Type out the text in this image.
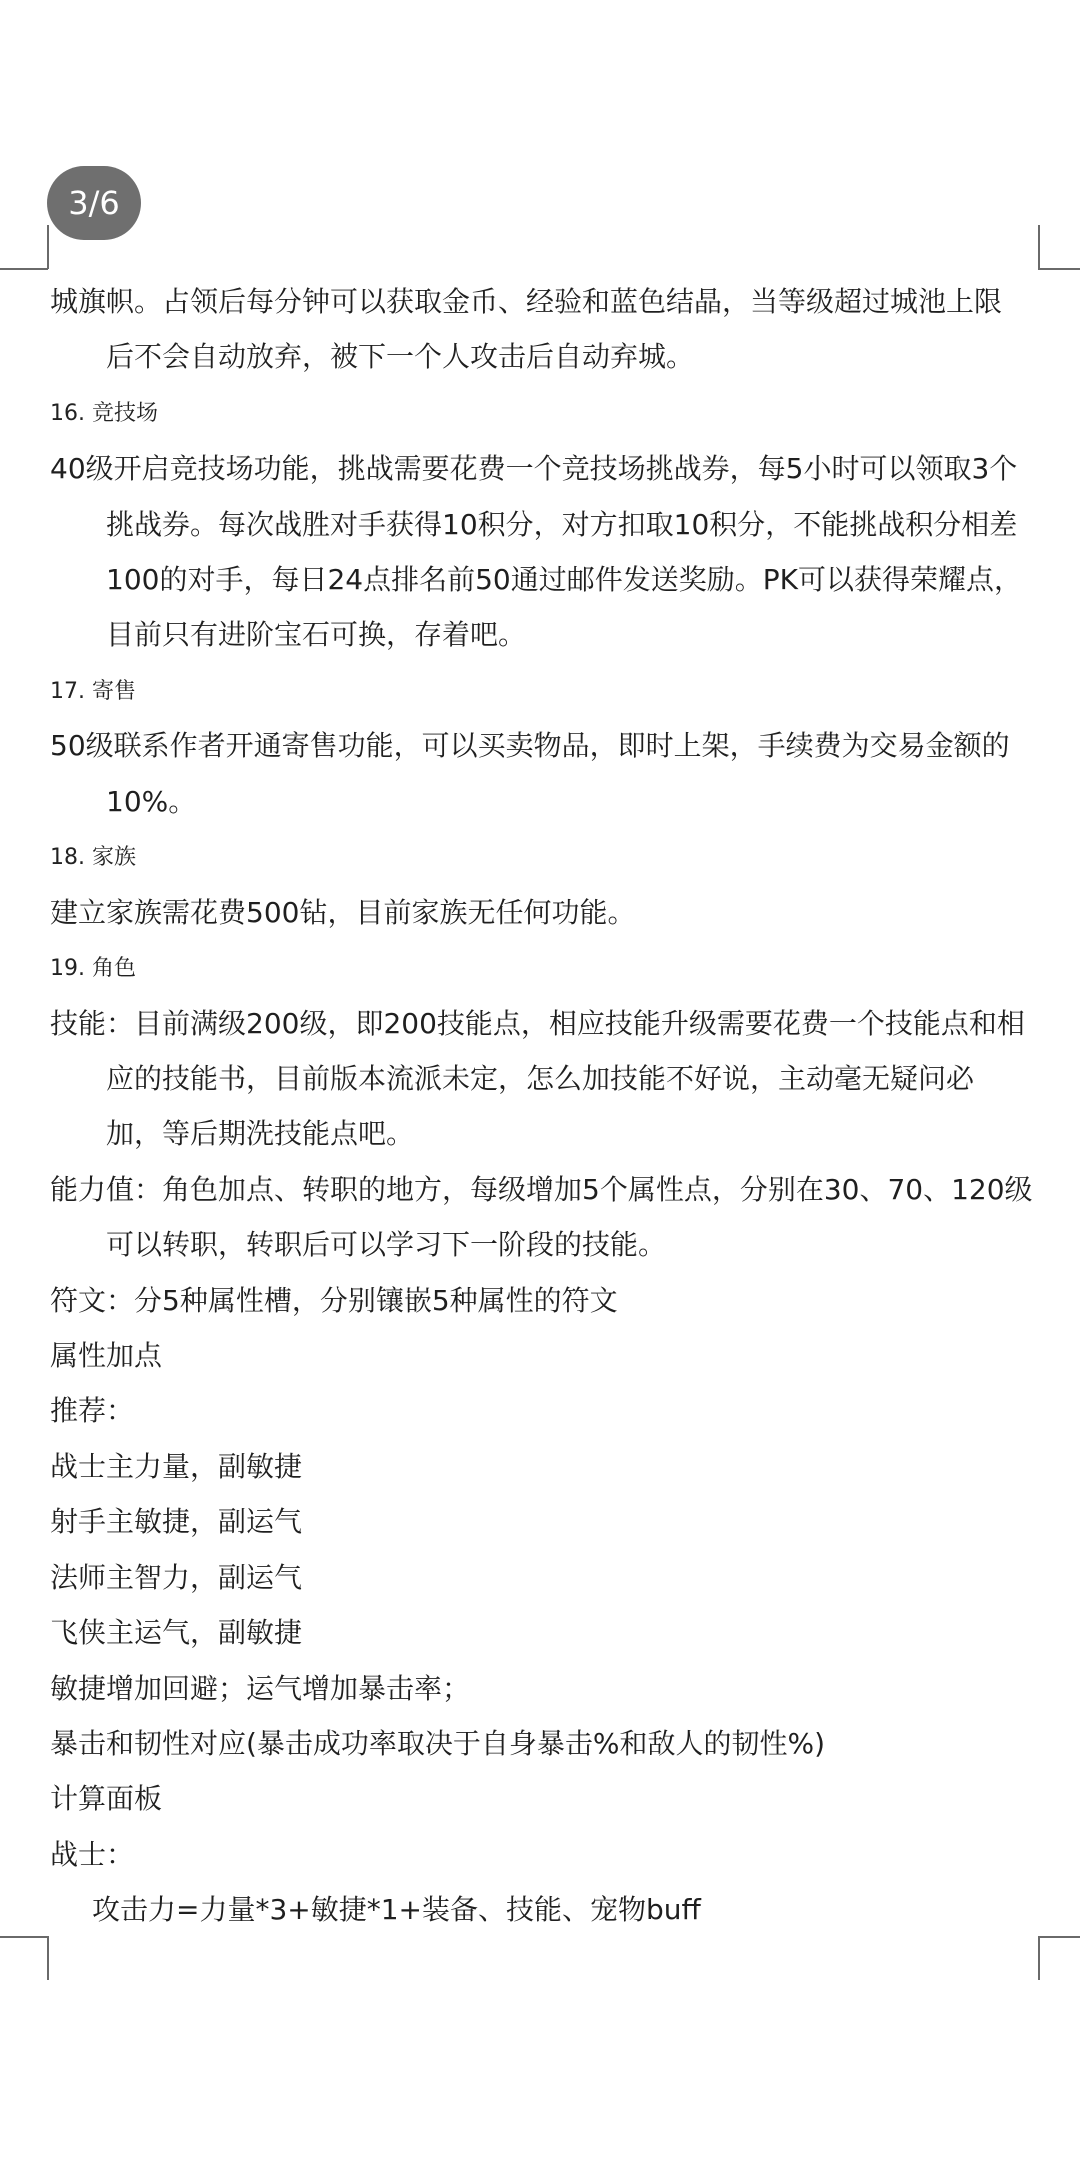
3/6
城旗帜。占领后每分钟可以获取金币、经验和蓝色结晶，当等级超过城池上限
后不会自动放弃，被下一个人攻击后自动弃城。
16. 竞技场
40级开启竞技场功能，挑战需要花费一个竞技场挑战券，每5小时可以领取3个
挑战券。每次战胜对手获得10积分，对方扣取10积分，不能挑战积分相差
100的对手，每日24点排名前50通过邮件发送奖励。PK可以获得荣耀点，
目前只有进阶宝石可换，存着吧。
17. 寄售
50级联系作者开通寄售功能，可以买卖物品，即时上架，手续费为交易金额的
10%。
18. 家族
建立家族需花费500钻，目前家族无任何功能。
19. 角色
技能：目前满级200级，即200技能点，相应技能升级需要花费一个技能点和相
应的技能书，目前版本流派未定，怎么加技能不好说，主动毫无疑问必
加，等后期洗技能点吧。
能力值：角色加点、转职的地方，每级增加5个属性点，分别在30、70、120级
可以转职，转职后可以学习下一阶段的技能。
符文：分5种属性槽，分别镶嵌5种属性的符文
属性加点
推荐：
战士主力量，副敏捷
射手主敏捷，副运气
法师主智力，副运气
飞侠主运气，副敏捷
敏捷增加回避；运气增加暴击率；
暴击和韧性对应(暴击成功率取决于自身暴击%和敌人的韧性%)
计算面板
战士：
攻击力=力量*3+敏捷*1+装备、技能、宠物buff
